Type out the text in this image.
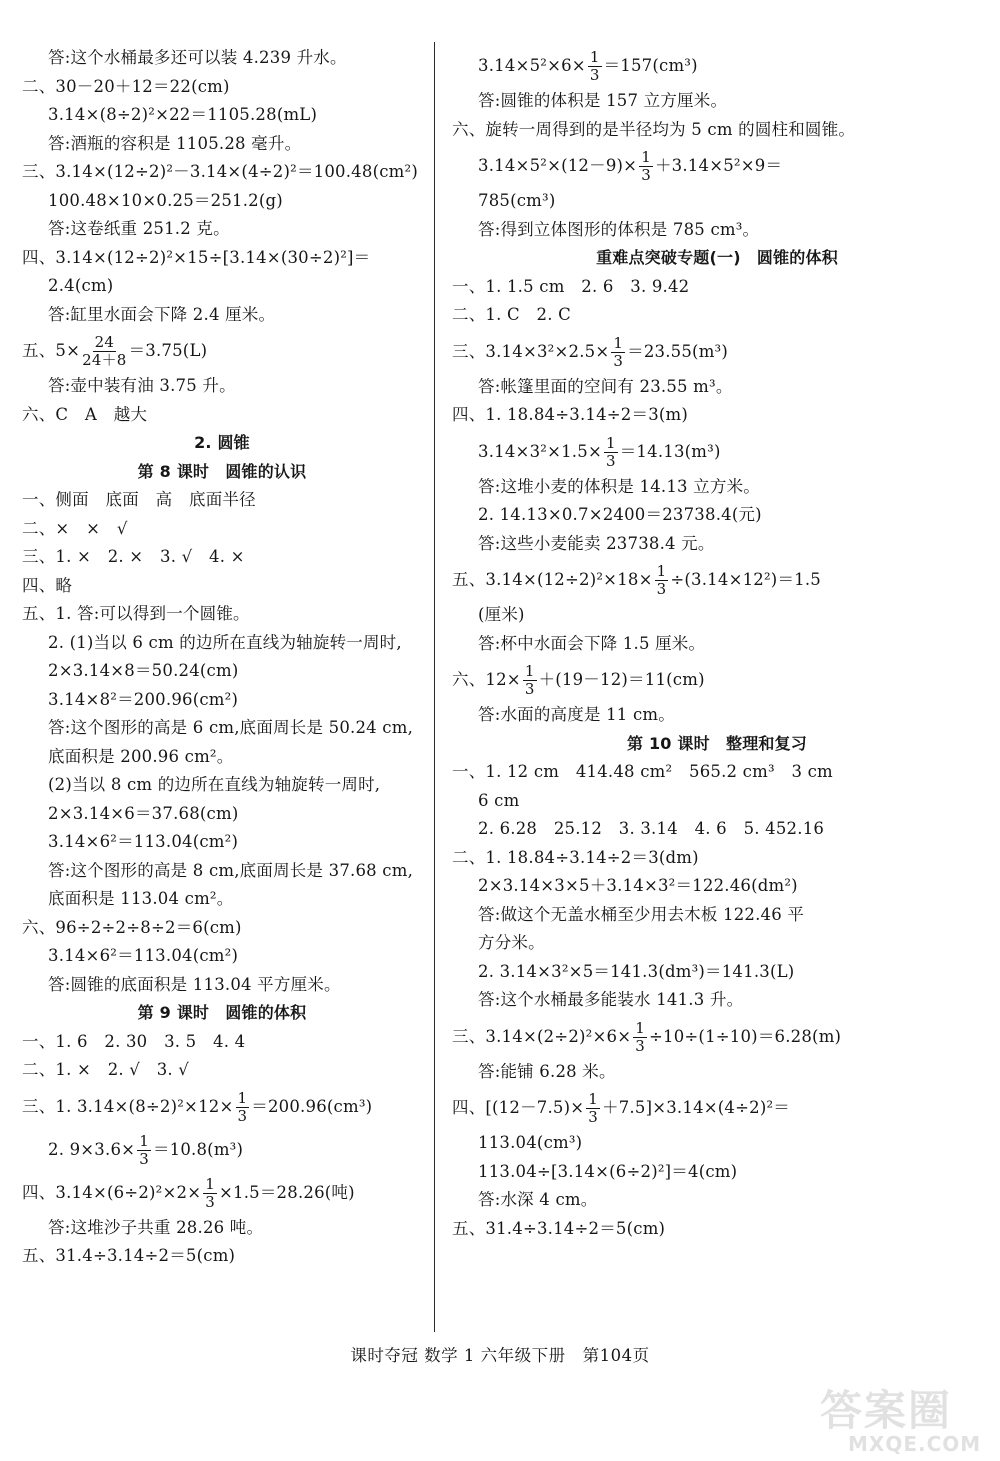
答:这个水桶最多还可以装 4.239 升水。
二、30－20＋12＝22(cm)
3.14×(8÷2)²×22＝1105.28(mL)
答:酒瓶的容积是 1105.28 毫升。
三、3.14×(12÷2)²－3.14×(4÷2)²＝100.48(cm²)
100.48×10×0.25＝251.2(g)
答:这卷纸重 251.2 克。
四、3.14×(12÷2)²×15÷[3.14×(30÷2)²]＝
2.4(cm)
答:缸里水面会下降 2.4 厘米。
五、$5\times \frac{24}{24+8} =3.75(L)$
答:壶中装有油 3.75 升。
六、C　A　越大
2. 圆锥
第 8 课时　圆锥的认识
一、侧面　底面　高　底面半径
二、×　×　√
三、1. ×　2. ×　3. √　4. ×
四、略
五、1. 答:可以得到一个圆锥。
2. (1)当以 6 cm 的边所在直线为轴旋转一周时,
2×3.14×8＝50.24(cm)
3.14×8²＝200.96(cm²)
答:这个图形的高是 6 cm,底面周长是 50.24 cm,
底面积是 200.96 cm²。
(2)当以 8 cm 的边所在直线为轴旋转一周时,
2×3.14×6＝37.68(cm)
3.14×6²＝113.04(cm²)
答:这个图形的高是 8 cm,底面周长是 37.68 cm,
底面积是 113.04 cm²。
六、96÷2÷2÷8÷2＝6(cm)
3.14×6²＝113.04(cm²)
答:圆锥的底面积是 113.04 平方厘米。
第 9 课时　圆锥的体积
一、1. 6　2. 30　3. 5　4. 4
二、1. ×　2. √　3. √
三、1. $3.14\times(8\div 2)^2\times 12\times \frac{1}{3} =200.96(cm^3)$
2. $9\times 3.6\times \frac{1}{3} =10.8(m^3)$
四、$3.14\times(6\div 2)^2\times 2\times \frac{1}{3} \times 1.5=28.26$(吨)
答:这堆沙子共重 28.26 吨。
五、31.4÷3.14÷2＝5(cm)
$3.14\times 5^2\times 6\times \frac{1}{3} =157(cm^3)$
答:圆锥的体积是 157 立方厘米。
六、旋转一周得到的是半径均为 5 cm 的圆柱和圆锥。
$3.14\times 5^2\times(12-9)\times \frac{1}{3} +3.14\times 5^2\times 9=$
785(cm³)
答:得到立体图形的体积是 785 cm³。
重难点突破专题(一)　圆锥的体积
一、1. 1.5 cm　2. 6　3. 9.42
二、1. C　2. C
三、$3.14\times 3^2\times 2.5\times \frac{1}{3} =23.55(m^3)$
答:帐篷里面的空间有 23.55 m³。
四、1. 18.84÷3.14÷2＝3(m)
$3.14\times 3^2\times 1.5\times \frac{1}{3} =14.13(m^3)$
答:这堆小麦的体积是 14.13 立方米。
2. 14.13×0.7×2400＝23738.4(元)
答:这些小麦能卖 23738.4 元。
五、$3.14\times(12\div 2)^2\times 18\times \frac{1}{3} \div(3.14\times 12^2)=1.5$
(厘米)
答:杯中水面会下降 1.5 厘米。
六、$12\times \frac{1}{3} +(19-12)=11(cm)$
答:水面的高度是 11 cm。
第 10 课时　整理和复习
一、1. 12 cm　414.48 cm²　565.2 cm³　3 cm
6 cm
2. 6.28　25.12　3. 3.14　4. 6　5. 452.16
二、1. 18.84÷3.14÷2＝3(dm)
2×3.14×3×5＋3.14×3²＝122.46(dm²)
答:做这个无盖水桶至少用去木板 122.46 平
方分米。
2. 3.14×3²×5＝141.3(dm³)＝141.3(L)
答:这个水桶最多能装水 141.3 升。
三、$3.14\times(2\div 2)^2\times 6\times \frac{1}{3} \div 10\div(1\div 10)=6.28(m)$
答:能铺 6.28 米。
四、$[(12-7.5)\times \frac{1}{3} +7.5]\times 3.14\times(4\div 2)^2=$
113.04(cm³)
113.04÷[3.14×(6÷2)²]＝4(cm)
答:水深 4 cm。
五、31.4÷3.14÷2＝5(cm)
课时夺冠 数学 1 六年级下册　第104页
答案圈
MXQE.COM
